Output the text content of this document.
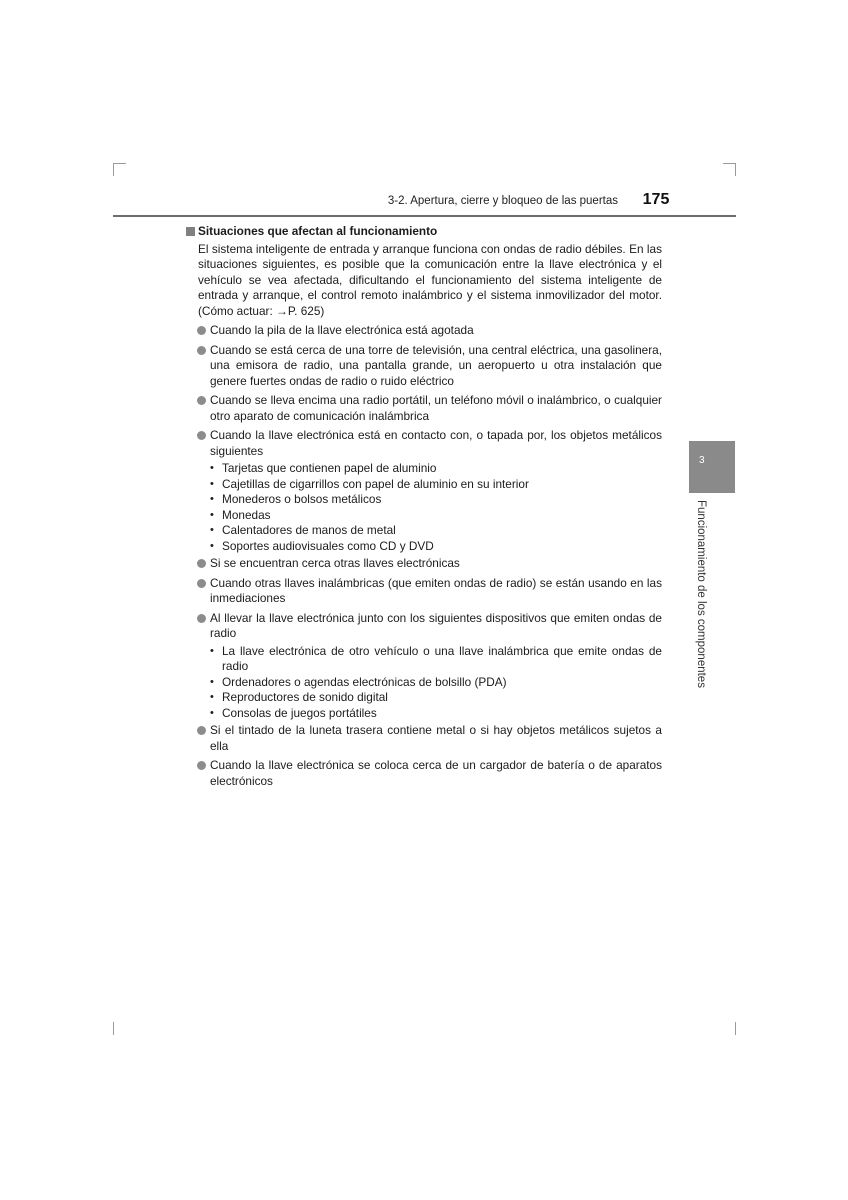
3-2. Apertura, cierre y bloqueo de las puertas	175
3
Funcionamiento de los componentes
Situaciones que afectan al funcionamiento
El sistema inteligente de entrada y arranque funciona con ondas de radio débiles. En las situaciones siguientes, es posible que la comunicación entre la llave electrónica y el vehículo se vea afectada, dificultando el funcionamiento del sistema inteligente de entrada y arranque, el control remoto inalámbrico y el sistema inmovilizador del motor. (Cómo actuar: →P. 625)
Cuando la pila de la llave electrónica está agotada
Cuando se está cerca de una torre de televisión, una central eléctrica, una gasolinera, una emisora de radio, una pantalla grande, un aeropuerto u otra instalación que genere fuertes ondas de radio o ruido eléctrico
Cuando se lleva encima una radio portátil, un teléfono móvil o inalámbrico, o cualquier otro aparato de comunicación inalámbrica
Cuando la llave electrónica está en contacto con, o tapada por, los objetos metálicos siguientes
• Tarjetas que contienen papel de aluminio
• Cajetillas de cigarrillos con papel de aluminio en su interior
• Monederos o bolsos metálicos
• Monedas
• Calentadores de manos de metal
• Soportes audiovisuales como CD y DVD
Si se encuentran cerca otras llaves electrónicas
Cuando otras llaves inalámbricas (que emiten ondas de radio) se están usando en las inmediaciones
Al llevar la llave electrónica junto con los siguientes dispositivos que emiten ondas de radio
• La llave electrónica de otro vehículo o una llave inalámbrica que emite ondas de radio
• Ordenadores o agendas electrónicas de bolsillo (PDA)
• Reproductores de sonido digital
• Consolas de juegos portátiles
Si el tintado de la luneta trasera contiene metal o si hay objetos metálicos sujetos a ella
Cuando la llave electrónica se coloca cerca de un cargador de batería o de aparatos electrónicos
